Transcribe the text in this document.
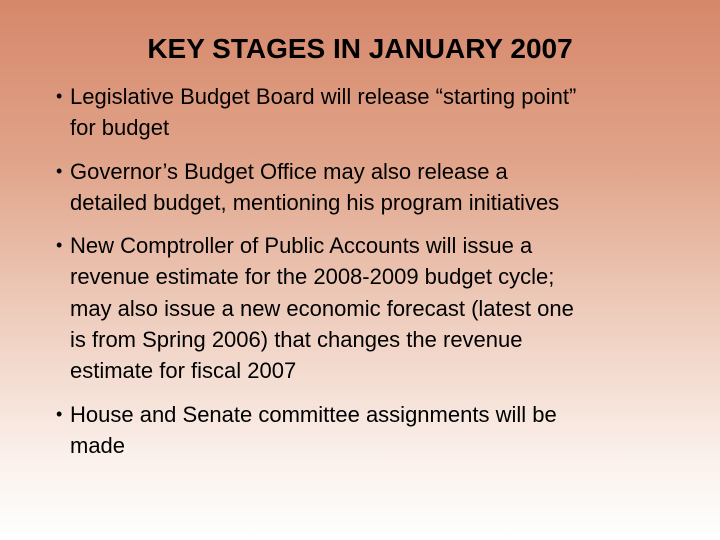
KEY STAGES IN JANUARY 2007
• Legislative Budget Board will release “starting point”
for budget
• Governor’s Budget Office may also release a
detailed budget, mentioning his program initiatives
• New Comptroller of Public Accounts will issue a
revenue estimate for the 2008-2009 budget cycle;
may also issue a new economic forecast (latest one
is from Spring 2006) that changes the revenue
estimate for fiscal 2007
• House and Senate committee assignments will be
made
